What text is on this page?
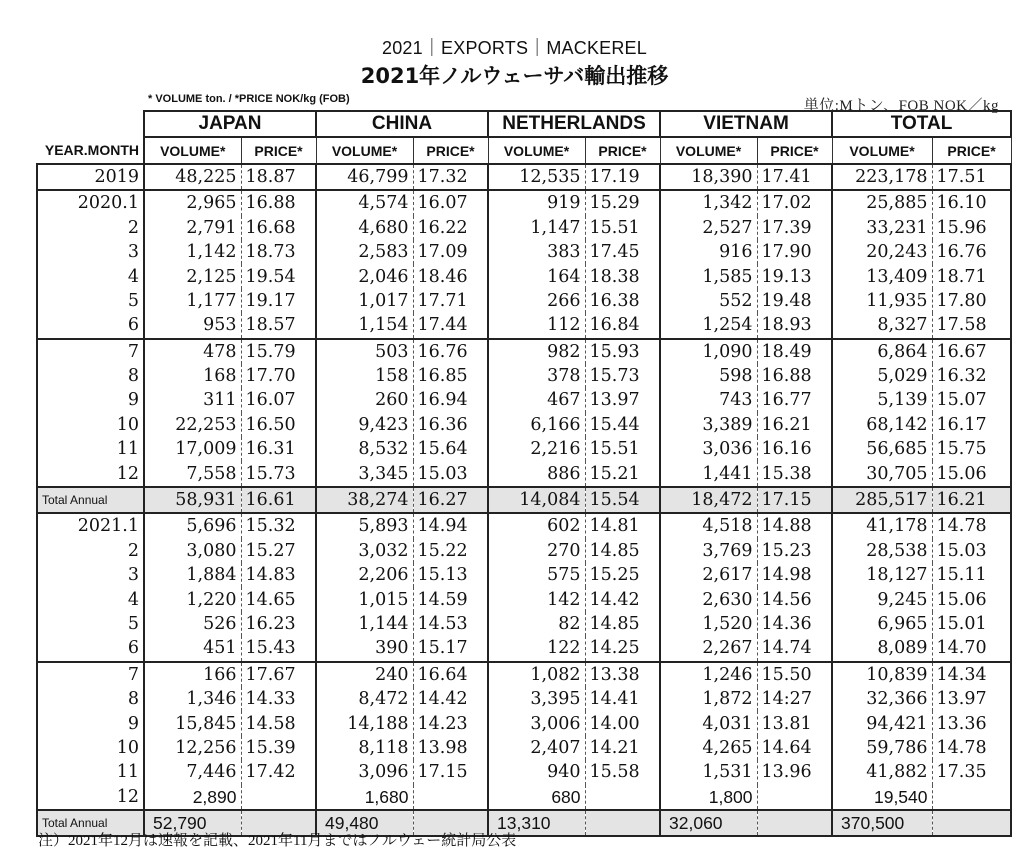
2021｜EXPORTS｜MACKEREL
2021年ノルウェーサバ輸出推移
* VOLUME ton. / *PRICE NOK/kg (FOB)	単位:Mトン、FOB NOK／kg
	JAPAN		CHINA		NETHERLANDS		VIETNAM		TOTAL	
YEAR.MONTH	VOLUME*	PRICE*	VOLUME*	PRICE*	VOLUME*	PRICE*	VOLUME*	PRICE*	VOLUME*	PRICE*
2019	48,225	18.87	46,799	17.32	12,535	17.19	18,390	17.41	223,178	17.51
2020.1	2,965	16.88	4,574	16.07	919	15.29	1,342	17.02	25,885	16.10
2	2,791	16.68	4,680	16.22	1,147	15.51	2,527	17.39	33,231	15.96
3	1,142	18.73	2,583	17.09	383	17.45	916	17.90	20,243	16.76
4	2,125	19.54	2,046	18.46	164	18.38	1,585	19.13	13,409	18.71
5	1,177	19.17	1,017	17.71	266	16.38	552	19.48	11,935	17.80
6	953	18.57	1,154	17.44	112	16.84	1,254	18.93	8,327	17.58
7	478	15.79	503	16.76	982	15.93	1,090	18.49	6,864	16.67
8	168	17.70	158	16.85	378	15.73	598	16.88	5,029	16.32
9	311	16.07	260	16.94	467	13.97	743	16.77	5,139	15.07
10	22,253	16.50	9,423	16.36	6,166	15.44	3,389	16.21	68,142	16.17
11	17,009	16.31	8,532	15.64	2,216	15.51	3,036	16.16	56,685	15.75
12	7,558	15.73	3,345	15.03	886	15.21	1,441	15.38	30,705	15.06
Total Annual	58,931	16.61	38,274	16.27	14,084	15.54	18,472	17.15	285,517	16.21
2021.1	5,696	15.32	5,893	14.94	602	14.81	4,518	14.88	41,178	14.78
2	3,080	15.27	3,032	15.22	270	14.85	3,769	15.23	28,538	15.03
3	1,884	14.83	2,206	15.13	575	15.25	2,617	14.98	18,127	15.11
4	1,220	14.65	1,015	14.59	142	14.42	2,630	14.56	9,245	15.06
5	526	16.23	1,144	14.53	82	14.85	1,520	14.36	6,965	15.01
6	451	15.43	390	15.17	122	14.25	2,267	14.74	8,089	14.70
7	166	17.67	240	16.64	1,082	13.38	1,246	15.50	10,839	14.34
8	1,346	14.33	8,472	14.42	3,395	14.41	1,872	14:27	32,366	13.97
9	15,845	14.58	14,188	14.23	3,006	14.00	4,031	13.81	94,421	13.36
10	12,256	15.39	8,118	13.98	2,407	14.21	4,265	14.64	59,786	14.78
11	7,446	17.42	3,096	17.15	940	15.58	1,531	13.96	41,882	17.35
12	2,890		1,680		680		1,800		19,540	
Total Annual	52,790		49,480		13,310		32,060		370,500	
注）2021年12月は速報を記載、2021年11月まではノルウェー統計局公表
